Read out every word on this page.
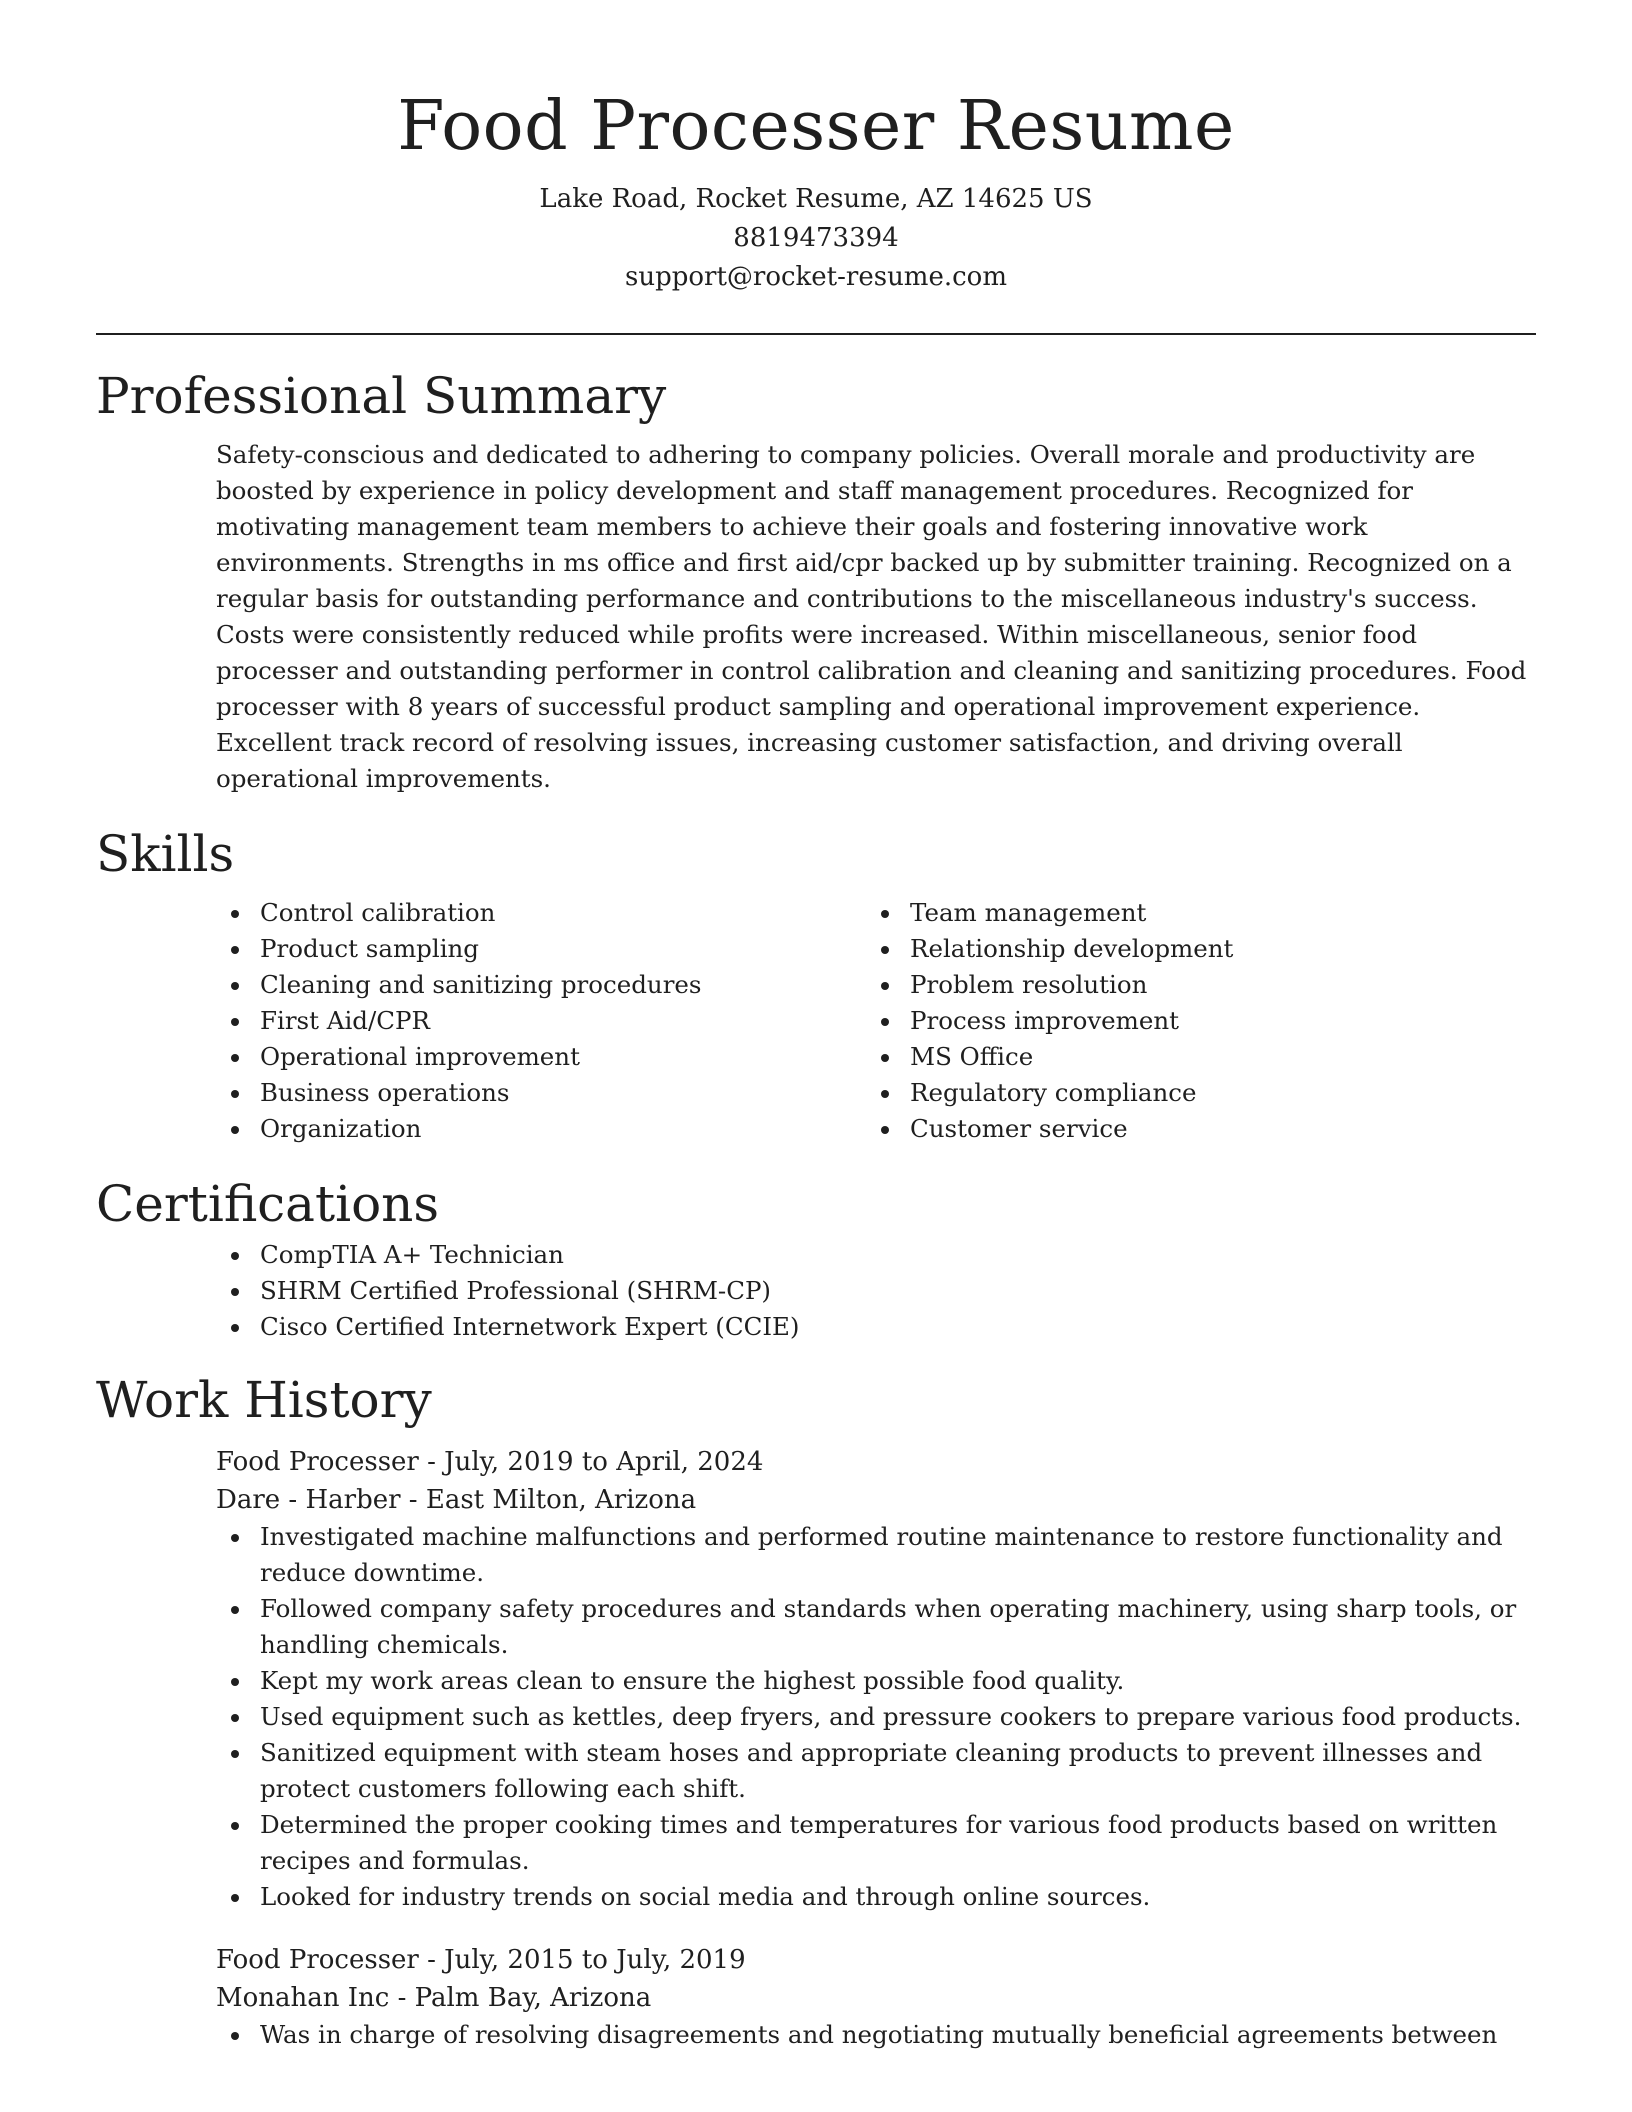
Food Processer Resume

Lake Road, Rocket Resume, AZ 14625 US

8819473394

support@rocket-resume.com

Professional Summary

Safety-conscious and dedicated to adhering to company policies. Overall morale and productivity are boosted by experience in policy development and staff management procedures. Recognized for motivating management team members to achieve their goals and fostering innovative work environments. Strengths in ms office and first aid/cpr backed up by submitter training. Recognized on a regular basis for outstanding performance and contributions to the miscellaneous industry's success. Costs were consistently reduced while profits were increased. Within miscellaneous, senior food processer and outstanding performer in control calibration and cleaning and sanitizing procedures. Food processer with 8 years of successful product sampling and operational improvement experience. Excellent track record of resolving issues, increasing customer satisfaction, and driving overall operational improvements.

Skills
Control calibration
Product sampling
Cleaning and sanitizing procedures
First Aid/CPR
Operational improvement
Business operations
Organization
Team management
Relationship development
Problem resolution
Process improvement
MS Office
Regulatory compliance
Customer service
Certifications
CompTIA A+ Technician
SHRM Certified Professional (SHRM-CP)
Cisco Certified Internetwork Expert (CCIE)
Work History

Food Processer - July, 2019 to April, 2024

Dare - Harber - East Milton, Arizona

Investigated machine malfunctions and performed routine maintenance to restore functionality and reduce downtime.
Followed company safety procedures and standards when operating machinery, using sharp tools, or handling chemicals.
Kept my work areas clean to ensure the highest possible food quality.
Used equipment such as kettles, deep fryers, and pressure cookers to prepare various food products.
Sanitized equipment with steam hoses and appropriate cleaning products to prevent illnesses and protect customers following each shift.
Determined the proper cooking times and temperatures for various food products based on written recipes and formulas.
Looked for industry trends on social media and through online sources.

Food Processer - July, 2015 to July, 2019

Monahan Inc - Palm Bay, Arizona

Was in charge of resolving disagreements and negotiating mutually beneficial agreements between
